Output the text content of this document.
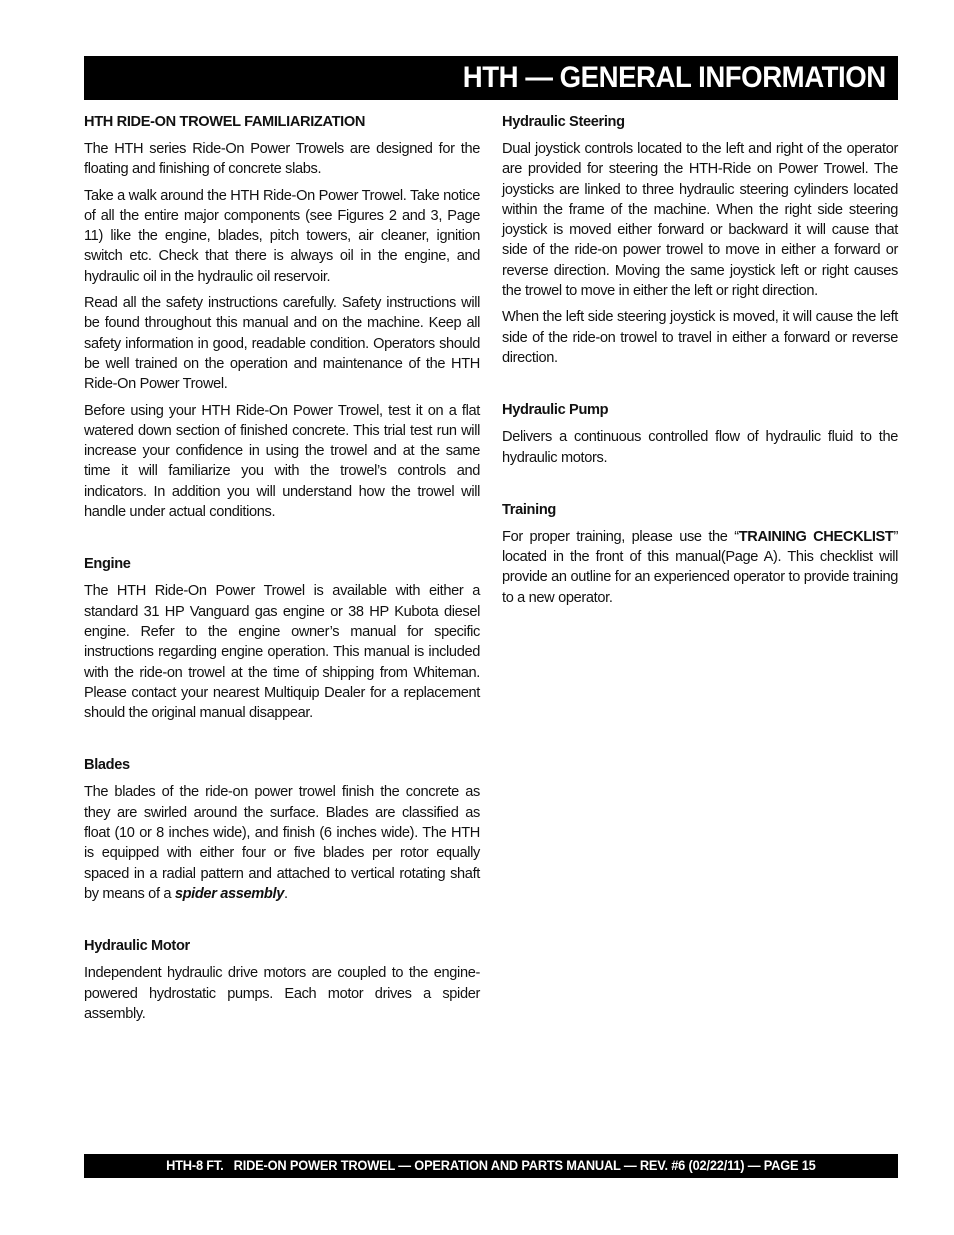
HTH — GENERAL INFORMATION
HTH RIDE-ON TROWEL FAMILIARIZATION

The HTH series Ride-On Power Trowels are designed for the floating and finishing of concrete slabs.

Take a walk around the HTH Ride-On Power Trowel. Take notice of all the entire major components (see Figures 2 and 3, Page 11) like the engine, blades, pitch towers, air cleaner, ignition switch etc. Check that there is always oil in the engine, and hydraulic oil in the hydraulic oil reservoir.

Read all the safety instructions carefully. Safety instructions will be found throughout this manual and on the machine. Keep all safety information in good, readable condition. Operators should be well trained on the operation and maintenance of the HTH Ride-On Power Trowel.

Before using your HTH Ride-On Power Trowel, test it on a flat watered down section of finished concrete. This trial test run will increase your confidence in using the trowel and at the same time it will familiarize you with the trowel’s controls and indicators. In addition you will understand how the trowel will handle under actual conditions.

Engine

The HTH Ride-On Power Trowel is available with either a standard 31 HP Vanguard gas engine or 38 HP Kubota diesel engine. Refer to the engine owner’s manual for specific instructions regarding engine operation. This manual is included with the ride-on trowel at the time of shipping from Whiteman. Please contact your nearest Multiquip Dealer for a replacement should the original manual disappear.

Blades

The blades of the ride-on power trowel finish the concrete as they are swirled around the surface. Blades are classified as float (10 or 8 inches wide), and finish (6 inches wide). The HTH is equipped with either four or five blades per rotor equally spaced in a radial pattern and attached to vertical rotating shaft by means of a spider assembly.

Hydraulic Motor

Independent hydraulic drive motors are coupled to the engine-powered hydrostatic pumps. Each motor drives a spider assembly.

Hydraulic Steering

Dual joystick controls located to the left and right of the operator are provided for steering the HTH-Ride on Power Trowel. The joysticks are linked to three hydraulic steering cylinders located within the frame of the machine. When the right side steering joystick is moved either forward or backward it will cause that side of the ride-on power trowel to move in either a forward or reverse direction. Moving the same joystick left or right causes the trowel to move in either the left or right direction.

When the left side steering joystick is moved, it will cause the left side of the ride-on trowel to travel in either a forward or reverse direction.

Hydraulic Pump

Delivers a continuous controlled flow of hydraulic fluid to the hydraulic motors.

Training

For proper training, please use the “TRAINING CHECKLIST” located in the front of this manual(Page A). This checklist will provide an outline for an experienced operator to provide training to a new operator.

HTH-8 FT.   RIDE-ON POWER TROWEL — OPERATION AND PARTS MANUAL — REV. #6 (02/22/11) — PAGE 15
